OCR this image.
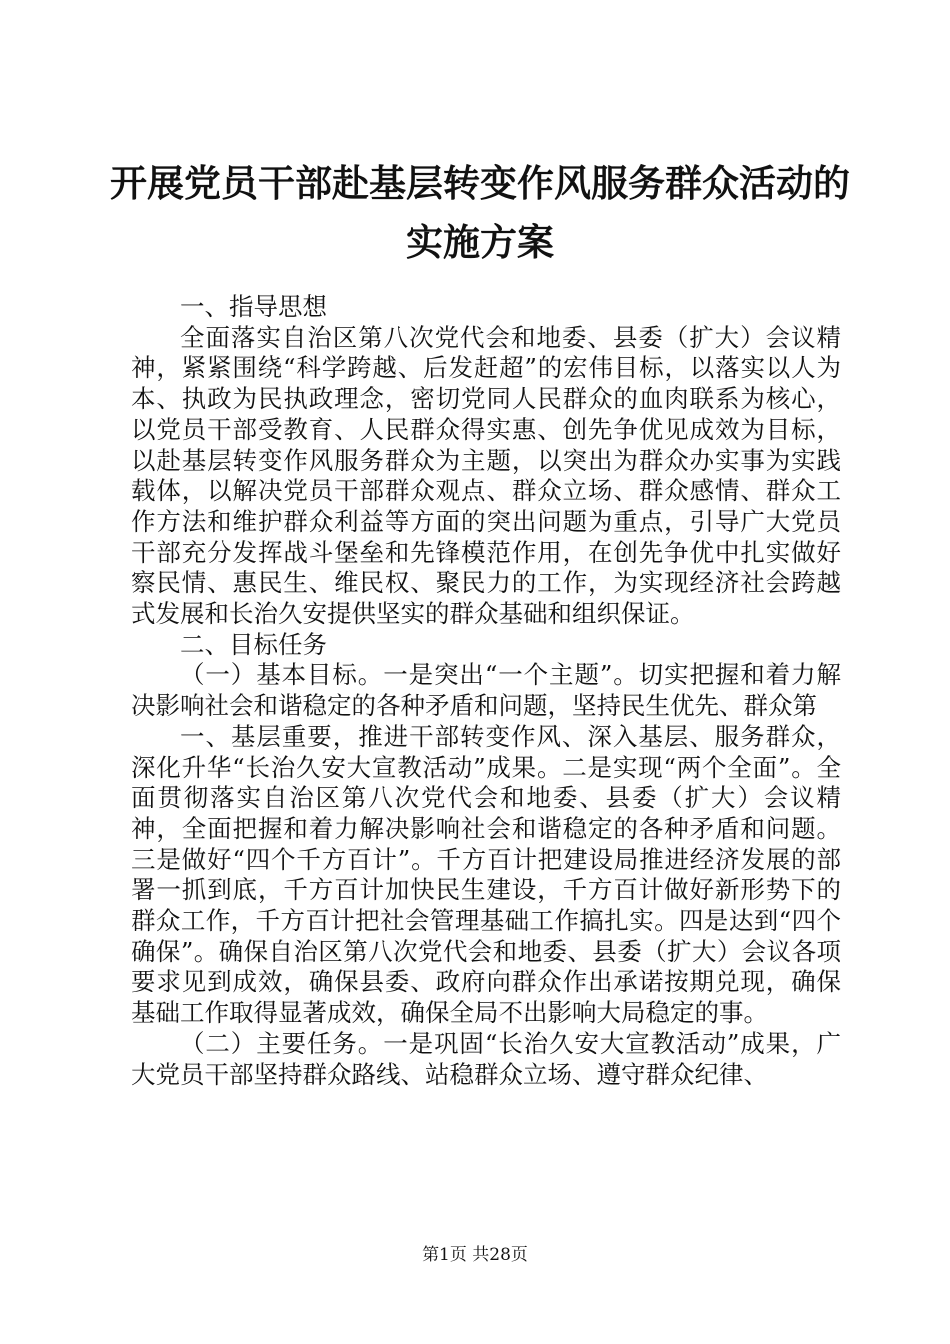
开展党员干部赴基层转变作风服务群众活动的
实施方案

一、指导思想

全面落实自治区第八次党代会和地委、县委（扩大）会议精神，紧紧围绕“科学跨越、后发赶超”的宏伟目标，以落实以人为本、执政为民执政理念，密切党同人民群众的血肉联系为核心，以党员干部受教育、人民群众得实惠、创先争优见成效为目标，以赴基层转变作风服务群众为主题，以突出为群众办实事为实践载体，以解决党员干部群众观点、群众立场、群众感情、群众工作方法和维护群众利益等方面的突出问题为重点，引导广大党员干部充分发挥战斗堡垒和先锋模范作用，在创先争优中扎实做好察民情、惠民生、维民权、聚民力的工作，为实现经济社会跨越式发展和长治久安提供坚实的群众基础和组织保证。

二、目标任务

（一）基本目标。一是突出“一个主题”。切实把握和着力解决影响社会和谐稳定的各种矛盾和问题，坚持民生优先、群众第

一、基层重要，推进干部转变作风、深入基层、服务群众，深化升华“长治久安大宣教活动”成果。二是实现“两个全面”。全面贯彻落实自治区第八次党代会和地委、县委（扩大）会议精神，全面把握和着力解决影响社会和谐稳定的各种矛盾和问题。三是做好“四个千方百计”。千方百计把建设局推进经济发展的部署一抓到底，千方百计加快民生建设，千方百计做好新形势下的群众工作，千方百计把社会管理基础工作搞扎实。四是达到“四个确保”。确保自治区第八次党代会和地委、县委（扩大）会议各项要求见到成效，确保县委、政府向群众作出承诺按期兑现，确保基础工作取得显著成效，确保全局不出影响大局稳定的事。

（二）主要任务。一是巩固“长治久安大宣教活动”成果，广大党员干部坚持群众路线、站稳群众立场、遵守群众纪律、

第1页 共28页
